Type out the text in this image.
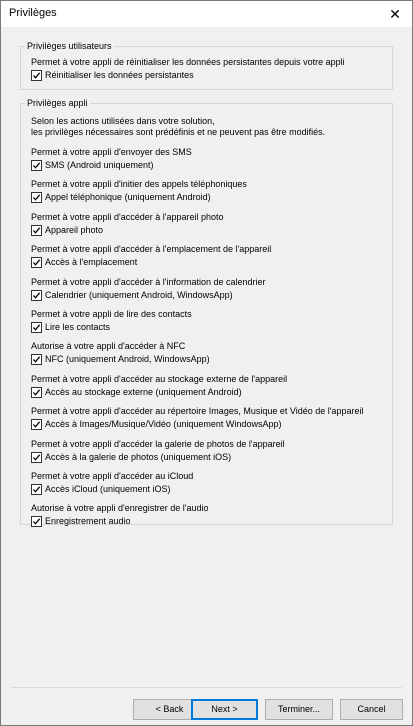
Privilèges	✕
Privilèges utilisateurs
Permet à votre appli de réinitialiser les données persistantes depuis votre appli
Réinitialiser les données persistantes
Privilèges appli
Selon les actions utilisées dans votre solution,
les privilèges nécessaires sont prédéfinis et ne peuvent pas être modifiés.
Permet à votre appli d'envoyer des SMS
SMS (Android uniquement)
Permet à votre appli d'initier des appels téléphoniques
Appel téléphonique (uniquement Android)
Permet à votre appli d'accéder à l'appareil photo
Appareil photo
Permet à votre appli d'accéder à l'emplacement de l'appareil
Accès à l'emplacement
Permet à votre appli d'accéder à l'information de calendrier
Calendrier (uniquement Android, WindowsApp)
Permet à votre appli de lire des contacts
Lire les contacts
Autorise à votre appli d'accéder à NFC
NFC (uniquement Android, WindowsApp)
Permet à votre appli d'accéder au stockage externe de l'appareil
Accès au stockage externe (uniquement Android)
Permet à votre appli d'accéder au répertoire Images, Musique et Vidéo de l'appareil
Accès à Images/Musique/Vidéo (uniquement WindowsApp)
Permet à votre appli d'accéder la galerie de photos de l'appareil
Accès à la galerie de photos (uniquement iOS)
Permet à votre appli d'accéder au iCloud
Accès iCloud (uniquement iOS)
Autorise à votre appli d'enregistrer de l'audio
Enregistrement audio
< Back	Next >	Terminer...	Cancel
